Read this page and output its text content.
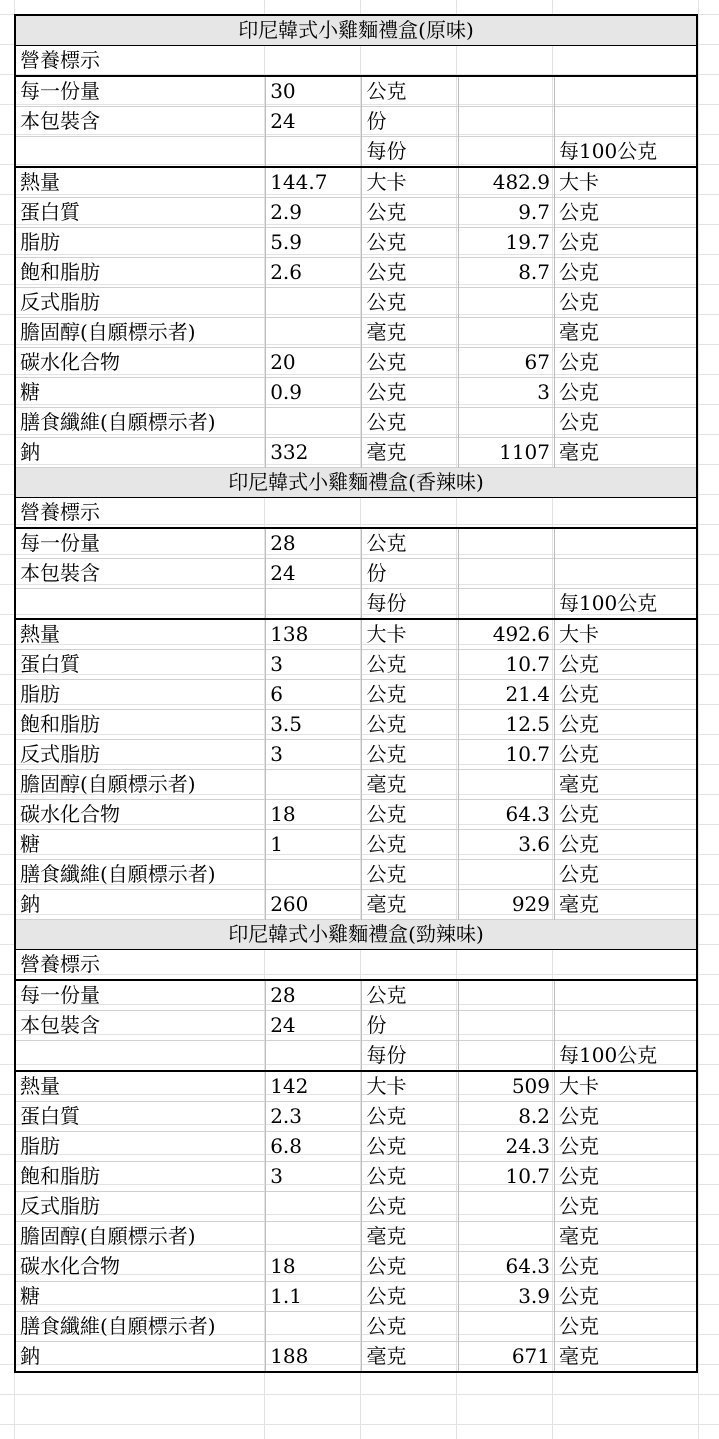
印尼韓式小雞麵禮盒(原味)				
營養標示				
每一份量	30	公克		
本包裝含	24	份		
		每份		每100公克
熱量	144.7	大卡	482.9	大卡
蛋白質	2.9	公克	9.7	公克
脂肪	5.9	公克	19.7	公克
飽和脂肪	2.6	公克	8.7	公克
反式脂肪		公克		公克
膽固醇(自願標示者)		毫克		毫克
碳水化合物	20	公克	67	公克
糖	0.9	公克	3	公克
膳食纖維(自願標示者)		公克		公克
鈉	332	毫克	1107	毫克
印尼韓式小雞麵禮盒(香辣味)				
營養標示				
每一份量	28	公克		
本包裝含	24	份		
		每份		每100公克
熱量	138	大卡	492.6	大卡
蛋白質	3	公克	10.7	公克
脂肪	6	公克	21.4	公克
飽和脂肪	3.5	公克	12.5	公克
反式脂肪	3	公克	10.7	公克
膽固醇(自願標示者)		毫克		毫克
碳水化合物	18	公克	64.3	公克
糖	1	公克	3.6	公克
膳食纖維(自願標示者)		公克		公克
鈉	260	毫克	929	毫克
印尼韓式小雞麵禮盒(勁辣味)				
營養標示				
每一份量	28	公克		
本包裝含	24	份		
		每份		每100公克
熱量	142	大卡	509	大卡
蛋白質	2.3	公克	8.2	公克
脂肪	6.8	公克	24.3	公克
飽和脂肪	3	公克	10.7	公克
反式脂肪		公克		公克
膽固醇(自願標示者)		毫克		毫克
碳水化合物	18	公克	64.3	公克
糖	1.1	公克	3.9	公克
膳食纖維(自願標示者)		公克		公克
鈉	188	毫克	671	毫克
